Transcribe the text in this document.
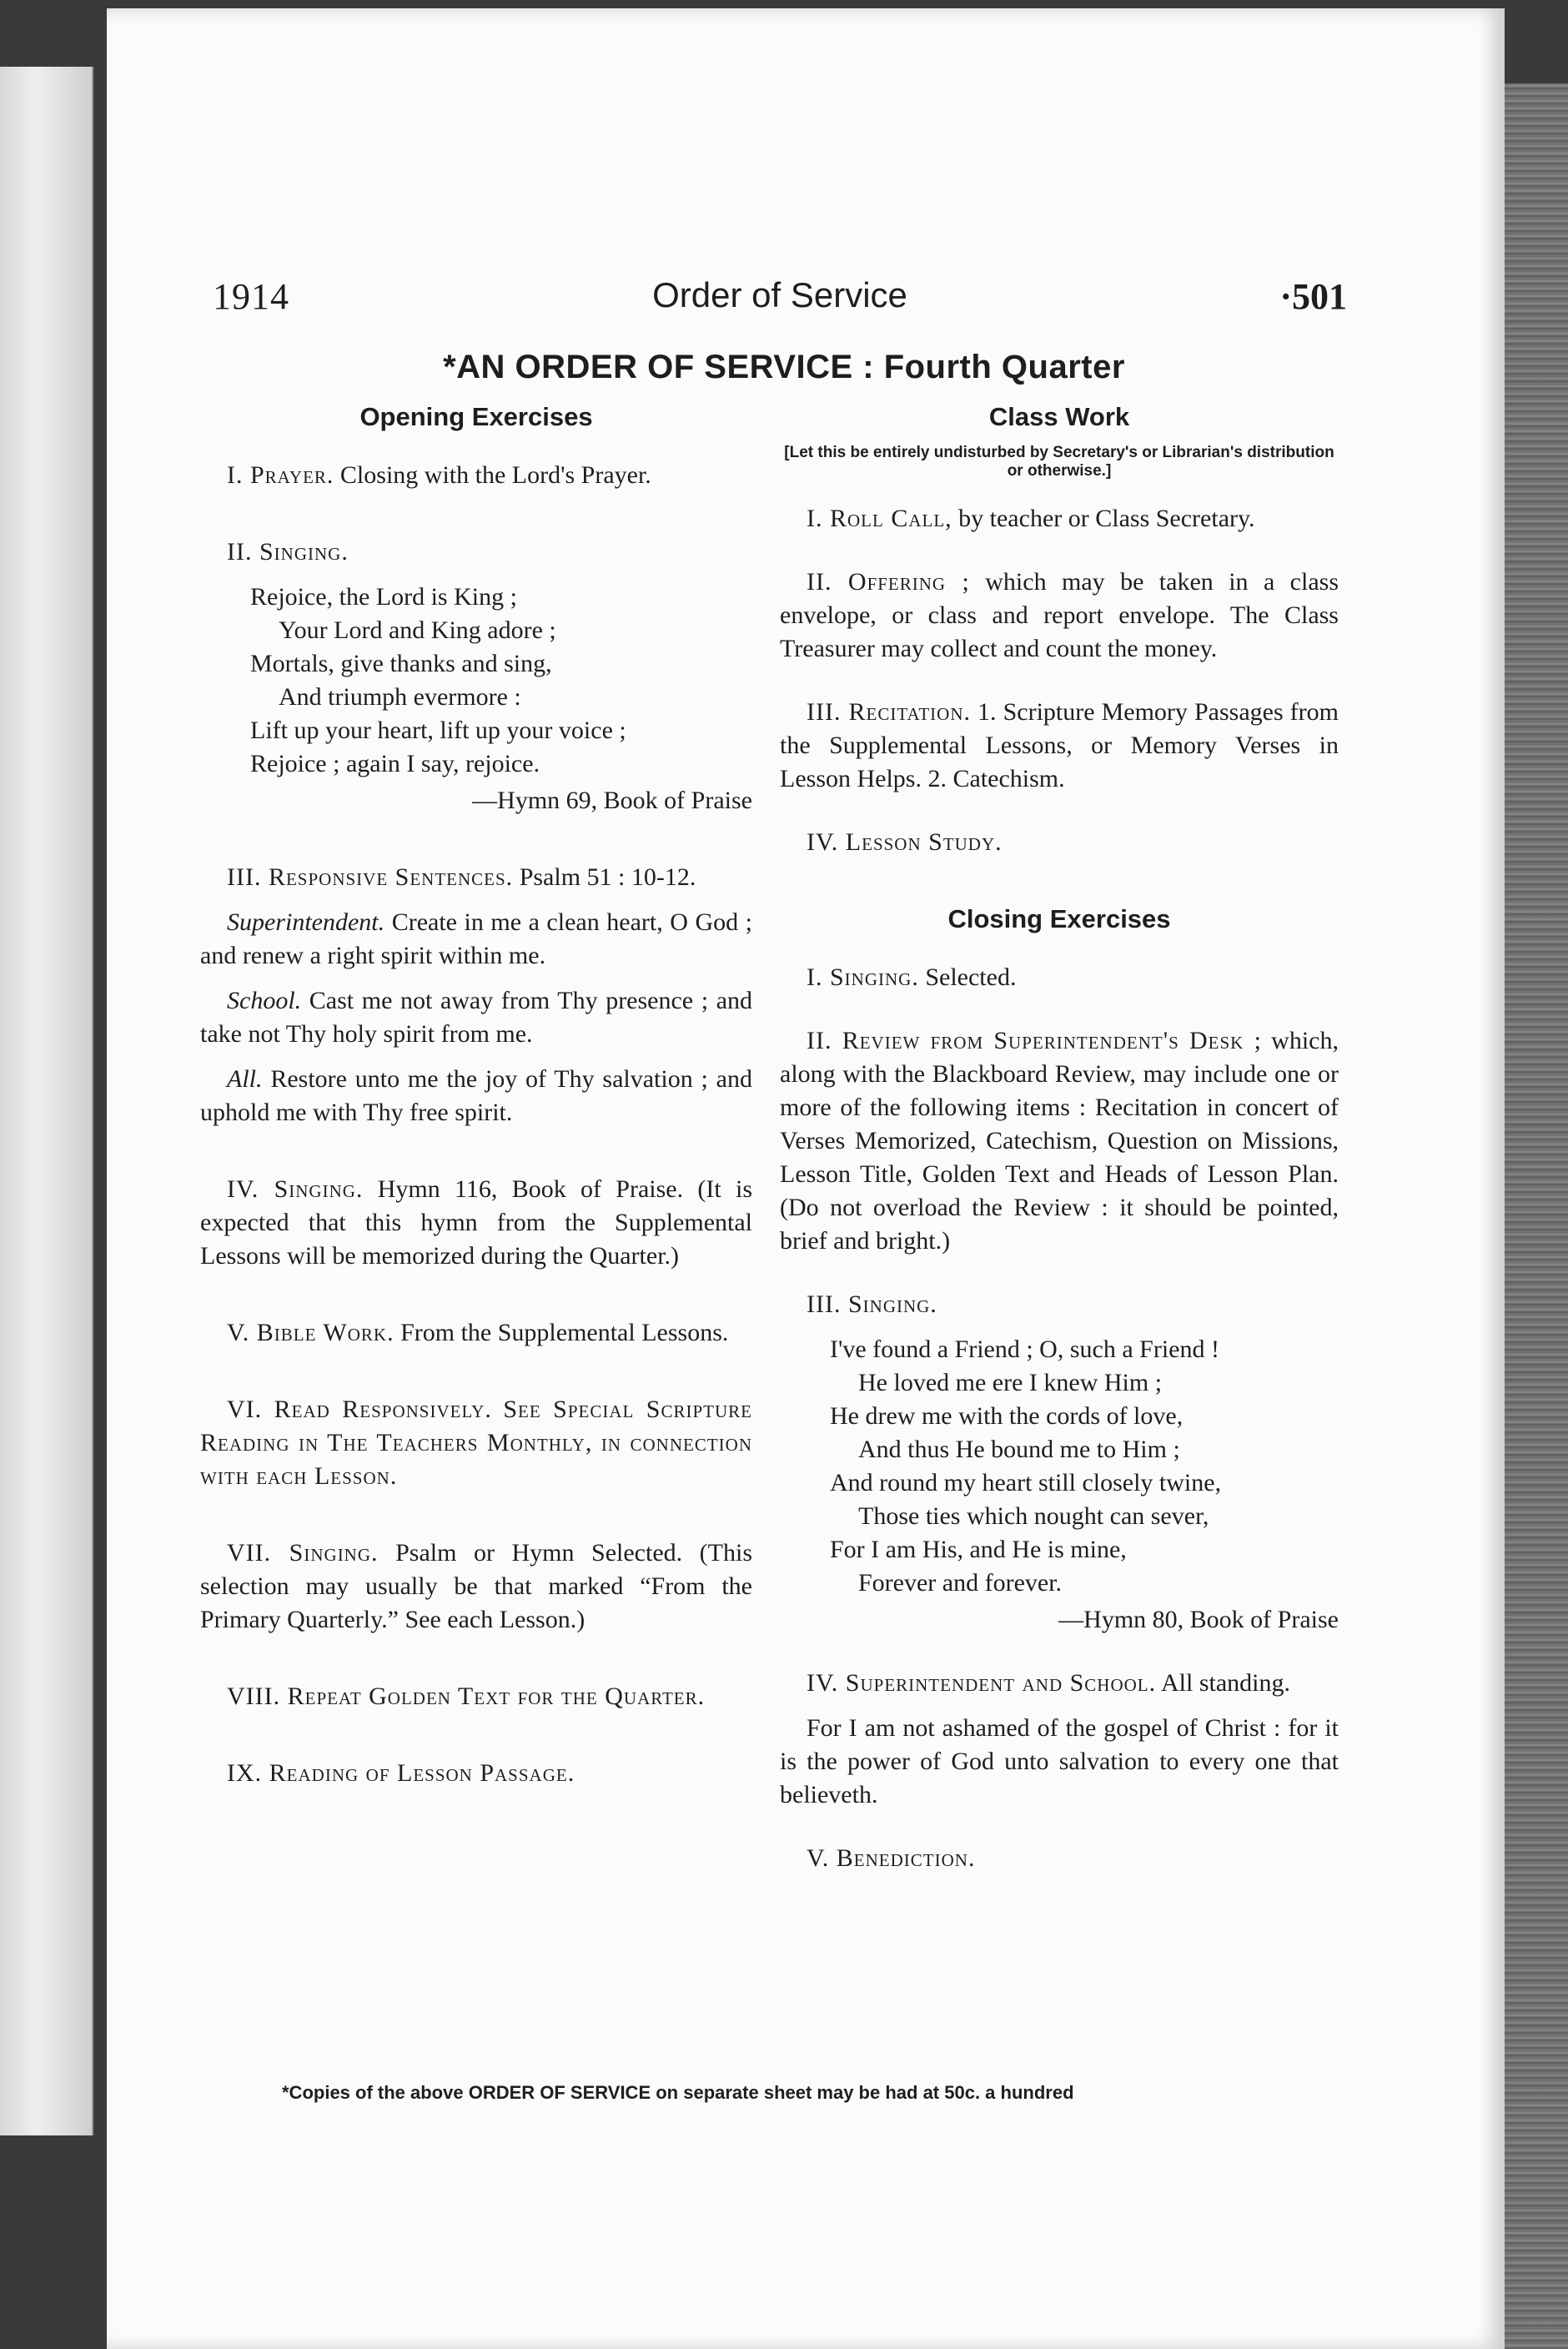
1914	Order of Service	·501
*AN ORDER OF SERVICE : Fourth Quarter
Opening Exercises

I. Prayer. Closing with the Lord's Prayer.

II. Singing.

Rejoice, the Lord is King ;
Your Lord and King adore ;
Mortals, give thanks and sing,
And triumph evermore :
Lift up your heart, lift up your voice ;
Rejoice ; again I say, rejoice.
—Hymn 69, Book of Praise

III. Responsive Sentences. Psalm 51 : 10-12.

Superintendent. Create in me a clean heart, O God ; and renew a right spirit within me.

School. Cast me not away from Thy presence ; and take not Thy holy spirit from me.

All. Restore unto me the joy of Thy salvation ; and uphold me with Thy free spirit.

IV. Singing. Hymn 116, Book of Praise. (It is expected that this hymn from the Supplemental Lessons will be memorized during the Quarter.)

V. Bible Work. From the Supplemental Lessons.

VI. Read Responsively. See Special Scripture Reading in The Teachers Monthly, in connection with each Lesson.

VII. Singing. Psalm or Hymn Selected. (This selection may usually be that marked “From the Primary Quarterly.” See each Lesson.)

VIII. Repeat Golden Text for the Quarter.

IX. Reading of Lesson Passage.

Class Work
[Let this be entirely undisturbed by Secretary's or Librarian's distribution or otherwise.]

I. Roll Call, by teacher or Class Secretary.

II. Offering ; which may be taken in a class envelope, or class and report envelope. The Class Treasurer may collect and count the money.

III. Recitation. 1. Scripture Memory Passages from the Supplemental Lessons, or Memory Verses in Lesson Helps. 2. Catechism.

IV. Lesson Study.

Closing Exercises

I. Singing. Selected.

II. Review from Superintendent's Desk ; which, along with the Blackboard Review, may include one or more of the following items : Recitation in concert of Verses Memorized, Catechism, Question on Missions, Lesson Title, Golden Text and Heads of Lesson Plan. (Do not overload the Review : it should be pointed, brief and bright.)

III. Singing.

I've found a Friend ; O, such a Friend !
He loved me ere I knew Him ;
He drew me with the cords of love,
And thus He bound me to Him ;
And round my heart still closely twine,
Those ties which nought can sever,
For I am His, and He is mine,
Forever and forever.
—Hymn 80, Book of Praise

IV. Superintendent and School. All standing.

For I am not ashamed of the gospel of Christ : for it is the power of God unto salvation to every one that believeth.

V. Benediction.

*Copies of the above ORDER OF SERVICE on separate sheet may be had at 50c. a hundred
